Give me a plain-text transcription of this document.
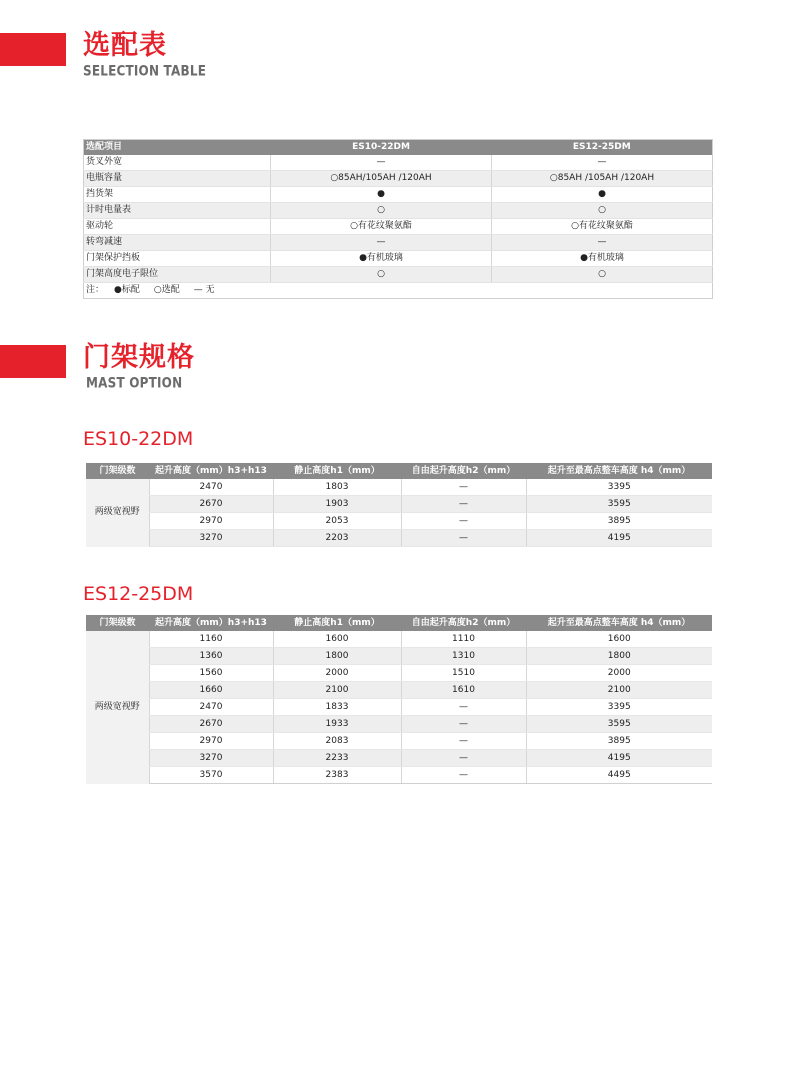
选配表
SELECTION TABLE
选配项目	ES10-22DM	ES12-25DM
货叉外宽	—	—
电瓶容量	○85AH/105AH /120AH	○85AH /105AH /120AH
挡货架	●	●
计时电量表	○	○
驱动轮	○有花纹聚氨酯	○有花纹聚氨酯
转弯减速	—	—
门架保护挡板	●有机玻璃	●有机玻璃
门架高度电子限位	○	○
注： ●标配 ○选配 — 无		
门架规格
MAST OPTION
ES10-22DM
门架级数	起升高度（mm）h3+h13	静止高度h1（mm）	自由起升高度h2（mm）	起升至最高点整车高度 h4（mm）
两级宽视野	2470	1803	—	3395
	2670	1903	—	3595
	2970	2053	—	3895
	3270	2203	—	4195
ES12-25DM
门架级数	起升高度（mm）h3+h13	静止高度h1（mm）	自由起升高度h2（mm）	起升至最高点整车高度 h4（mm）
两级宽视野	1160	1600	1110	1600
	1360	1800	1310	1800
	1560	2000	1510	2000
	1660	2100	1610	2100
	2470	1833	—	3395
	2670	1933	—	3595
	2970	2083	—	3895
	3270	2233	—	4195
	3570	2383	—	4495
